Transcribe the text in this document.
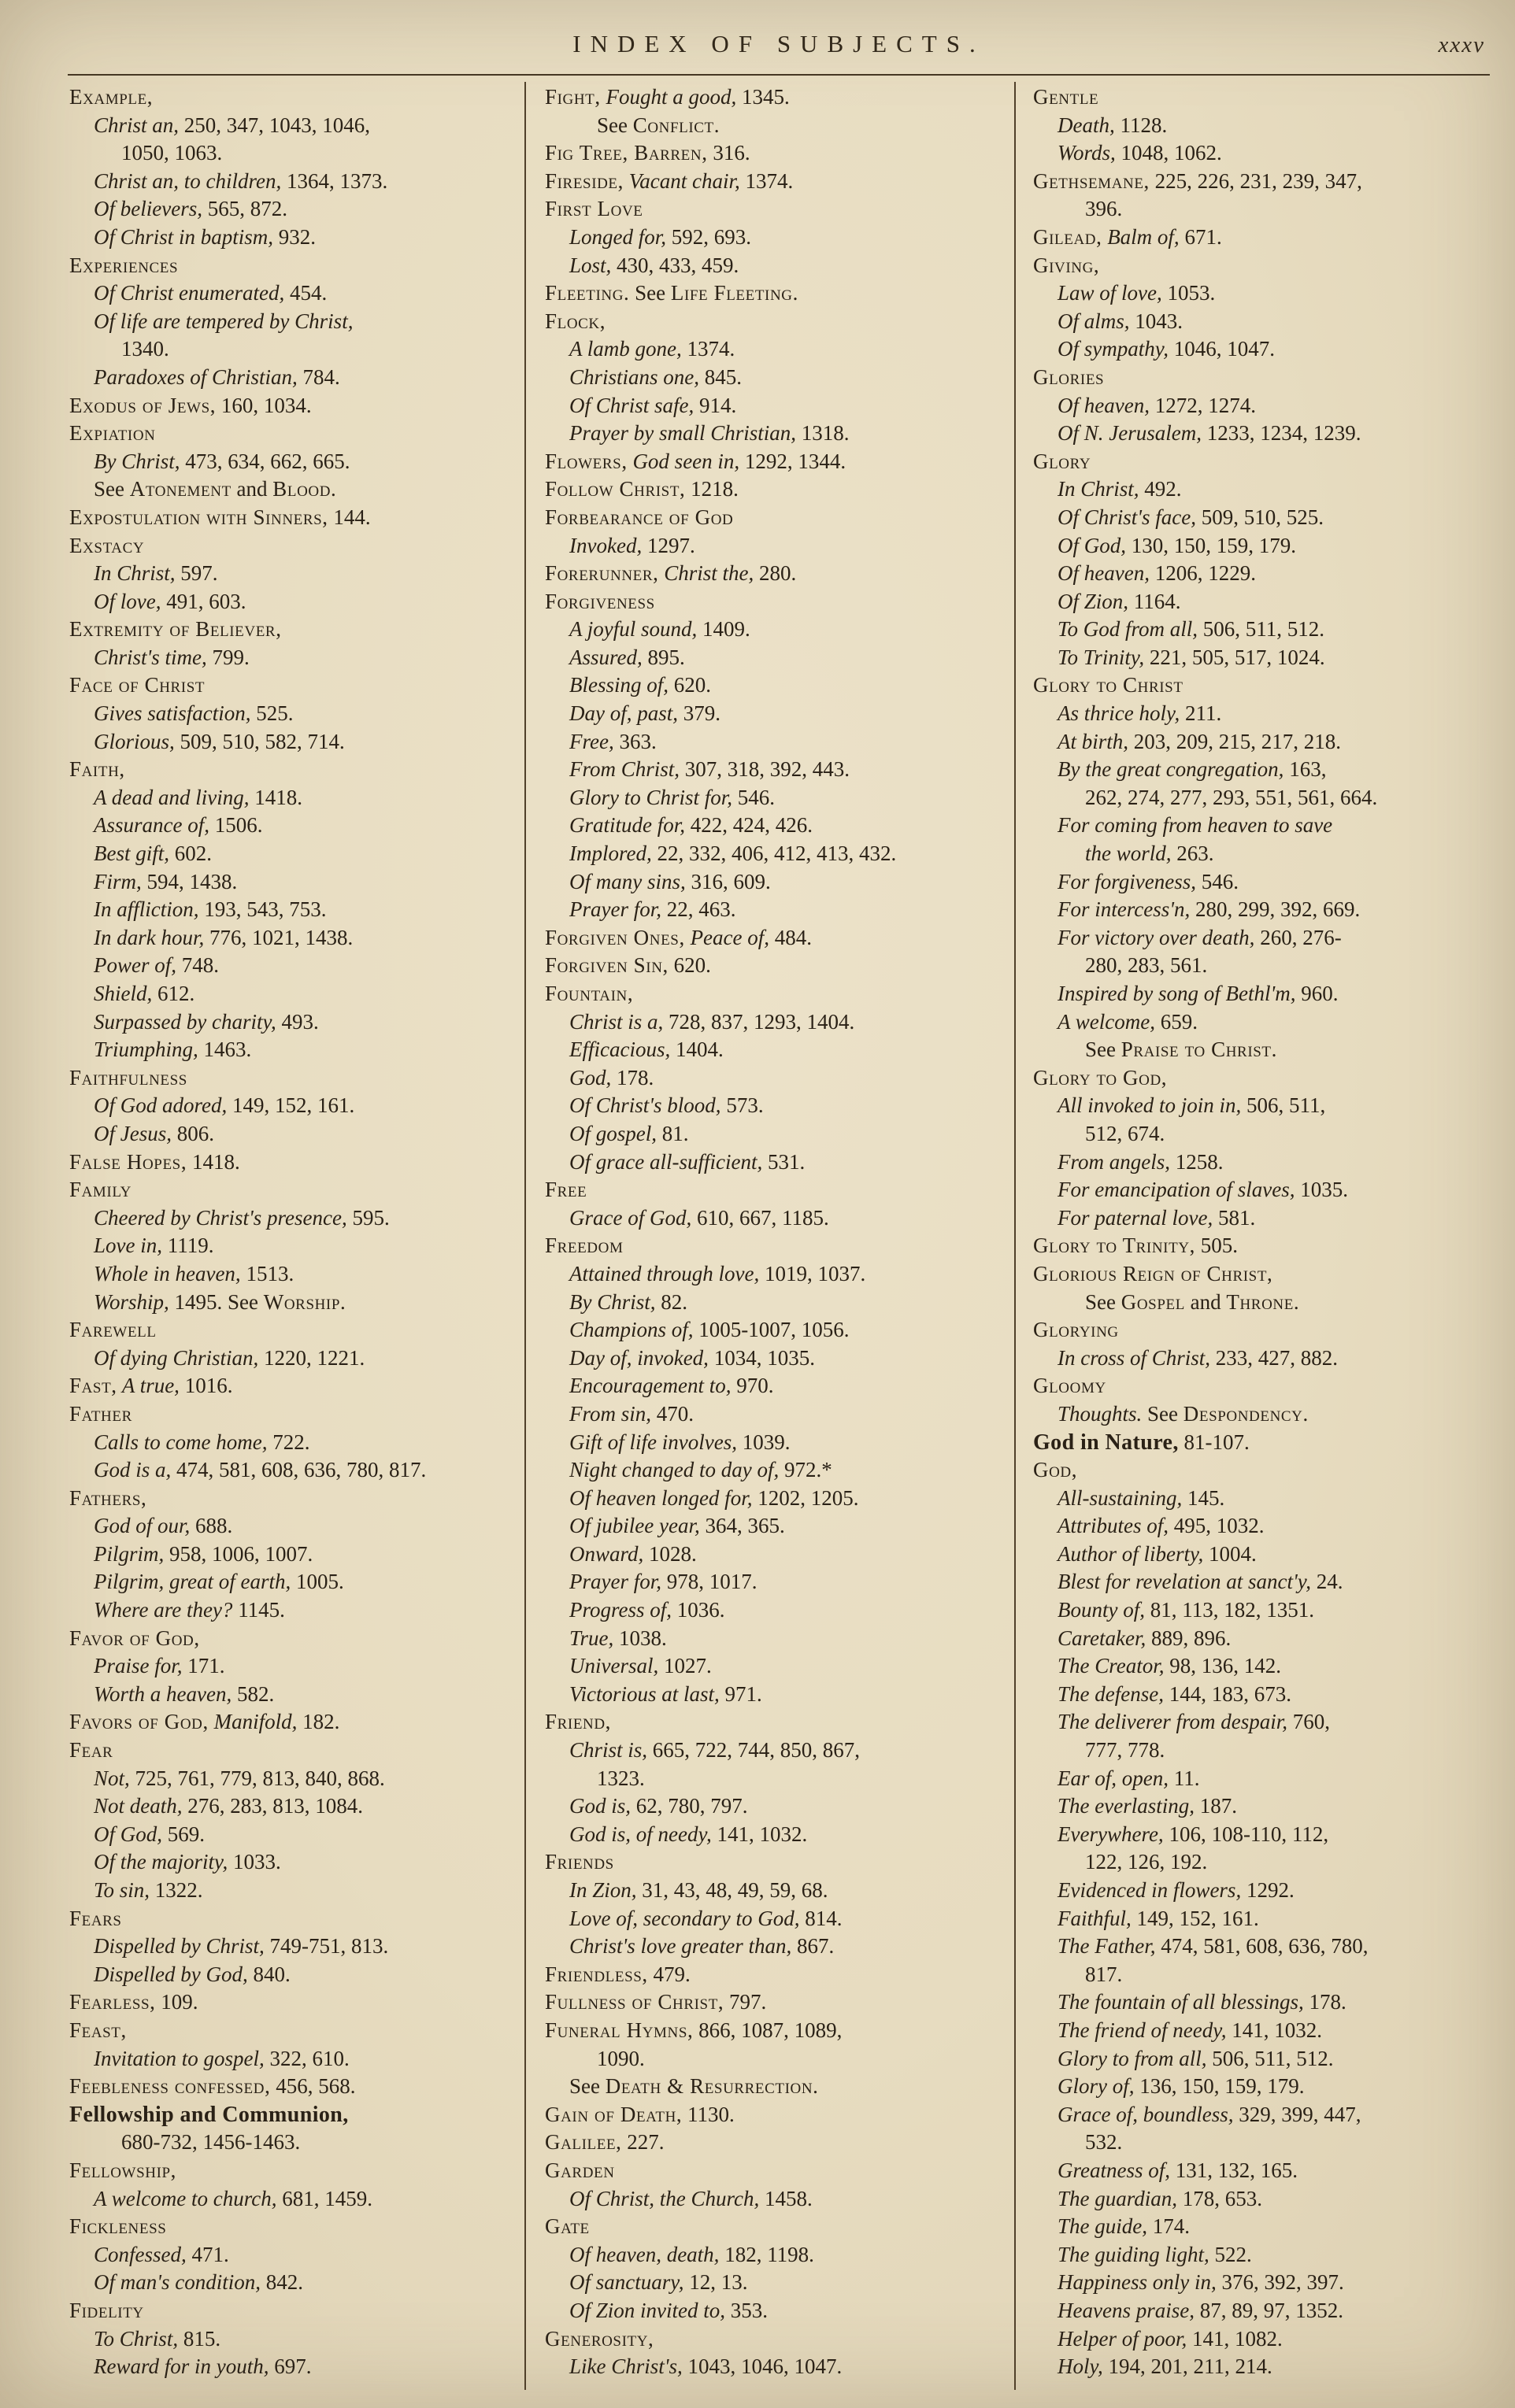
INDEX OF SUBJECTS.	xxxv
Example,
Christ an, 250, 347, 1043, 1046,
1050, 1063.
Christ an, to children, 1364, 1373.
Of believers, 565, 872.
Of Christ in baptism, 932.
Experiences
Of Christ enumerated, 454.
Of life are tempered by Christ,
1340.
Paradoxes of Christian, 784.
Exodus of Jews, 160, 1034.
Expiation
By Christ, 473, 634, 662, 665.
See Atonement and Blood.
Expostulation with Sinners, 144.
Exstacy
In Christ, 597.
Of love, 491, 603.
Extremity of Believer,
Christ's time, 799.
Face of Christ
Gives satisfaction, 525.
Glorious, 509, 510, 582, 714.
Faith,
A dead and living, 1418.
Assurance of, 1506.
Best gift, 602.
Firm, 594, 1438.
In affliction, 193, 543, 753.
In dark hour, 776, 1021, 1438.
Power of, 748.
Shield, 612.
Surpassed by charity, 493.
Triumphing, 1463.
Faithfulness
Of God adored, 149, 152, 161.
Of Jesus, 806.
False Hopes, 1418.
Family
Cheered by Christ's presence, 595.
Love in, 1119.
Whole in heaven, 1513.
Worship, 1495. See Worship.
Farewell
Of dying Christian, 1220, 1221.
Fast, A true, 1016.
Father
Calls to come home, 722.
God is a, 474, 581, 608, 636, 780, 817.
Fathers,
God of our, 688.
Pilgrim, 958, 1006, 1007.
Pilgrim, great of earth, 1005.
Where are they? 1145.
Favor of God,
Praise for, 171.
Worth a heaven, 582.
Favors of God, Manifold, 182.
Fear
Not, 725, 761, 779, 813, 840, 868.
Not death, 276, 283, 813, 1084.
Of God, 569.
Of the majority, 1033.
To sin, 1322.
Fears
Dispelled by Christ, 749-751, 813.
Dispelled by God, 840.
Fearless, 109.
Feast,
Invitation to gospel, 322, 610.
Feebleness confessed, 456, 568.
Fellowship and Communion,
680-732, 1456-1463.
Fellowship,
A welcome to church, 681, 1459.
Fickleness
Confessed, 471.
Of man's condition, 842.
Fidelity
To Christ, 815.
Reward for in youth, 697.
Fight, Fought a good, 1345.
See Conflict.
Fig Tree, Barren, 316.
Fireside, Vacant chair, 1374.
First Love
Longed for, 592, 693.
Lost, 430, 433, 459.
Fleeting. See Life Fleeting.
Flock,
A lamb gone, 1374.
Christians one, 845.
Of Christ safe, 914.
Prayer by small Christian, 1318.
Flowers, God seen in, 1292, 1344.
Follow Christ, 1218.
Forbearance of God
Invoked, 1297.
Forerunner, Christ the, 280.
Forgiveness
A joyful sound, 1409.
Assured, 895.
Blessing of, 620.
Day of, past, 379.
Free, 363.
From Christ, 307, 318, 392, 443.
Glory to Christ for, 546.
Gratitude for, 422, 424, 426.
Implored, 22, 332, 406, 412, 413, 432.
Of many sins, 316, 609.
Prayer for, 22, 463.
Forgiven Ones, Peace of, 484.
Forgiven Sin, 620.
Fountain,
Christ is a, 728, 837, 1293, 1404.
Efficacious, 1404.
God, 178.
Of Christ's blood, 573.
Of gospel, 81.
Of grace all-sufficient, 531.
Free
Grace of God, 610, 667, 1185.
Freedom
Attained through love, 1019, 1037.
By Christ, 82.
Champions of, 1005-1007, 1056.
Day of, invoked, 1034, 1035.
Encouragement to, 970.
From sin, 470.
Gift of life involves, 1039.
Night changed to day of, 972.*
Of heaven longed for, 1202, 1205.
Of jubilee year, 364, 365.
Onward, 1028.
Prayer for, 978, 1017.
Progress of, 1036.
True, 1038.
Universal, 1027.
Victorious at last, 971.
Friend,
Christ is, 665, 722, 744, 850, 867,
1323.
God is, 62, 780, 797.
God is, of needy, 141, 1032.
Friends
In Zion, 31, 43, 48, 49, 59, 68.
Love of, secondary to God, 814.
Christ's love greater than, 867.
Friendless, 479.
Fullness of Christ, 797.
Funeral Hymns, 866, 1087, 1089,
1090.
See Death & Resurrection.
Gain of Death, 1130.
Galilee, 227.
Garden
Of Christ, the Church, 1458.
Gate
Of heaven, death, 182, 1198.
Of sanctuary, 12, 13.
Of Zion invited to, 353.
Generosity,
Like Christ's, 1043, 1046, 1047.
Gentle
Death, 1128.
Words, 1048, 1062.
Gethsemane, 225, 226, 231, 239, 347,
396.
Gilead, Balm of, 671.
Giving,
Law of love, 1053.
Of alms, 1043.
Of sympathy, 1046, 1047.
Glories
Of heaven, 1272, 1274.
Of N. Jerusalem, 1233, 1234, 1239.
Glory
In Christ, 492.
Of Christ's face, 509, 510, 525.
Of God, 130, 150, 159, 179.
Of heaven, 1206, 1229.
Of Zion, 1164.
To God from all, 506, 511, 512.
To Trinity, 221, 505, 517, 1024.
Glory to Christ
As thrice holy, 211.
At birth, 203, 209, 215, 217, 218.
By the great congregation, 163,
262, 274, 277, 293, 551, 561, 664.
For coming from heaven to save
the world, 263.
For forgiveness, 546.
For intercess'n, 280, 299, 392, 669.
For victory over death, 260, 276-
280, 283, 561.
Inspired by song of Bethl'm, 960.
A welcome, 659.
See Praise to Christ.
Glory to God,
All invoked to join in, 506, 511,
512, 674.
From angels, 1258.
For emancipation of slaves, 1035.
For paternal love, 581.
Glory to Trinity, 505.
Glorious Reign of Christ,
See Gospel and Throne.
Glorying
In cross of Christ, 233, 427, 882.
Gloomy
Thoughts. See Despondency.
God in Nature, 81-107.
God,
All-sustaining, 145.
Attributes of, 495, 1032.
Author of liberty, 1004.
Blest for revelation at sanct'y, 24.
Bounty of, 81, 113, 182, 1351.
Caretaker, 889, 896.
The Creator, 98, 136, 142.
The defense, 144, 183, 673.
The deliverer from despair, 760,
777, 778.
Ear of, open, 11.
The everlasting, 187.
Everywhere, 106, 108-110, 112,
122, 126, 192.
Evidenced in flowers, 1292.
Faithful, 149, 152, 161.
The Father, 474, 581, 608, 636, 780,
817.
The fountain of all blessings, 178.
The friend of needy, 141, 1032.
Glory to from all, 506, 511, 512.
Glory of, 136, 150, 159, 179.
Grace of, boundless, 329, 399, 447,
532.
Greatness of, 131, 132, 165.
The guardian, 178, 653.
The guide, 174.
The guiding light, 522.
Happiness only in, 376, 392, 397.
Heavens praise, 87, 89, 97, 1352.
Helper of poor, 141, 1082.
Holy, 194, 201, 211, 214.
